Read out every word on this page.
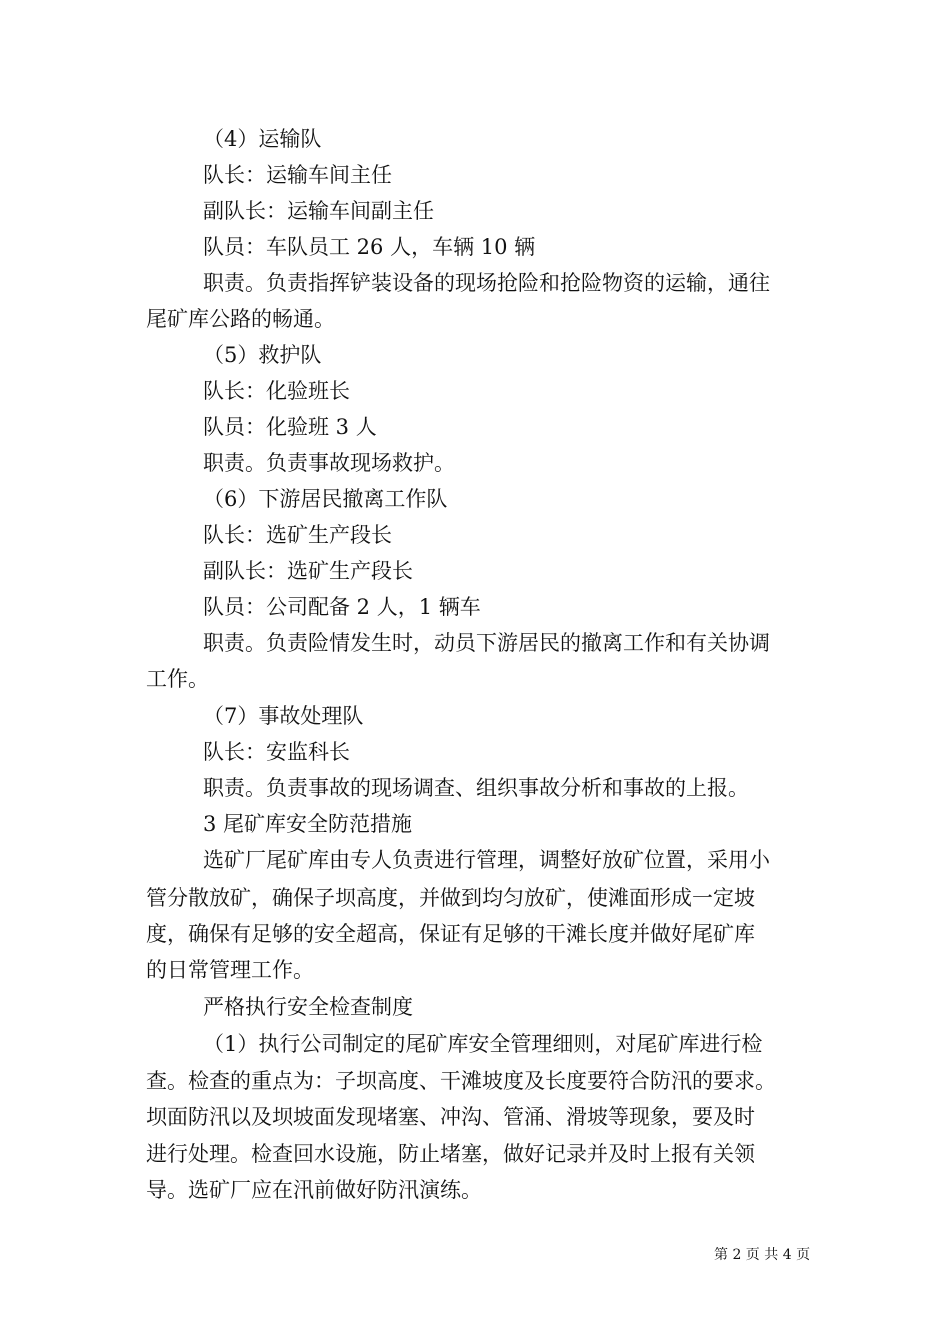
（4）运输队
队长：运输车间主任
副队长：运输车间副主任
队员：车队员工 26 人，车辆 10 辆
职责。负责指挥铲装设备的现场抢险和抢险物资的运输，通往
尾矿库公路的畅通。
（5）救护队
队长：化验班长
队员：化验班 3 人
职责。负责事故现场救护。
（6）下游居民撤离工作队
队长：选矿生产段长
副队长：选矿生产段长
队员：公司配备 2 人，1 辆车
职责。负责险情发生时，动员下游居民的撤离工作和有关协调
工作。
（7）事故处理队
队长：安监科长
职责。负责事故的现场调查、组织事故分析和事故的上报。
3 尾矿库安全防范措施
选矿厂尾矿库由专人负责进行管理，调整好放矿位置，采用小
管分散放矿，确保子坝高度，并做到均匀放矿，使滩面形成一定坡
度，确保有足够的安全超高，保证有足够的干滩长度并做好尾矿库
的日常管理工作。
严格执行安全检查制度
（1）执行公司制定的尾矿库安全管理细则，对尾矿库进行检
查。检查的重点为：子坝高度、干滩坡度及长度要符合防汛的要求。
坝面防汛以及坝坡面发现堵塞、冲沟、管涌、滑坡等现象，要及时
进行处理。检查回水设施，防止堵塞，做好记录并及时上报有关领
导。选矿厂应在汛前做好防汛演练。
第 2 页 共 4 页
